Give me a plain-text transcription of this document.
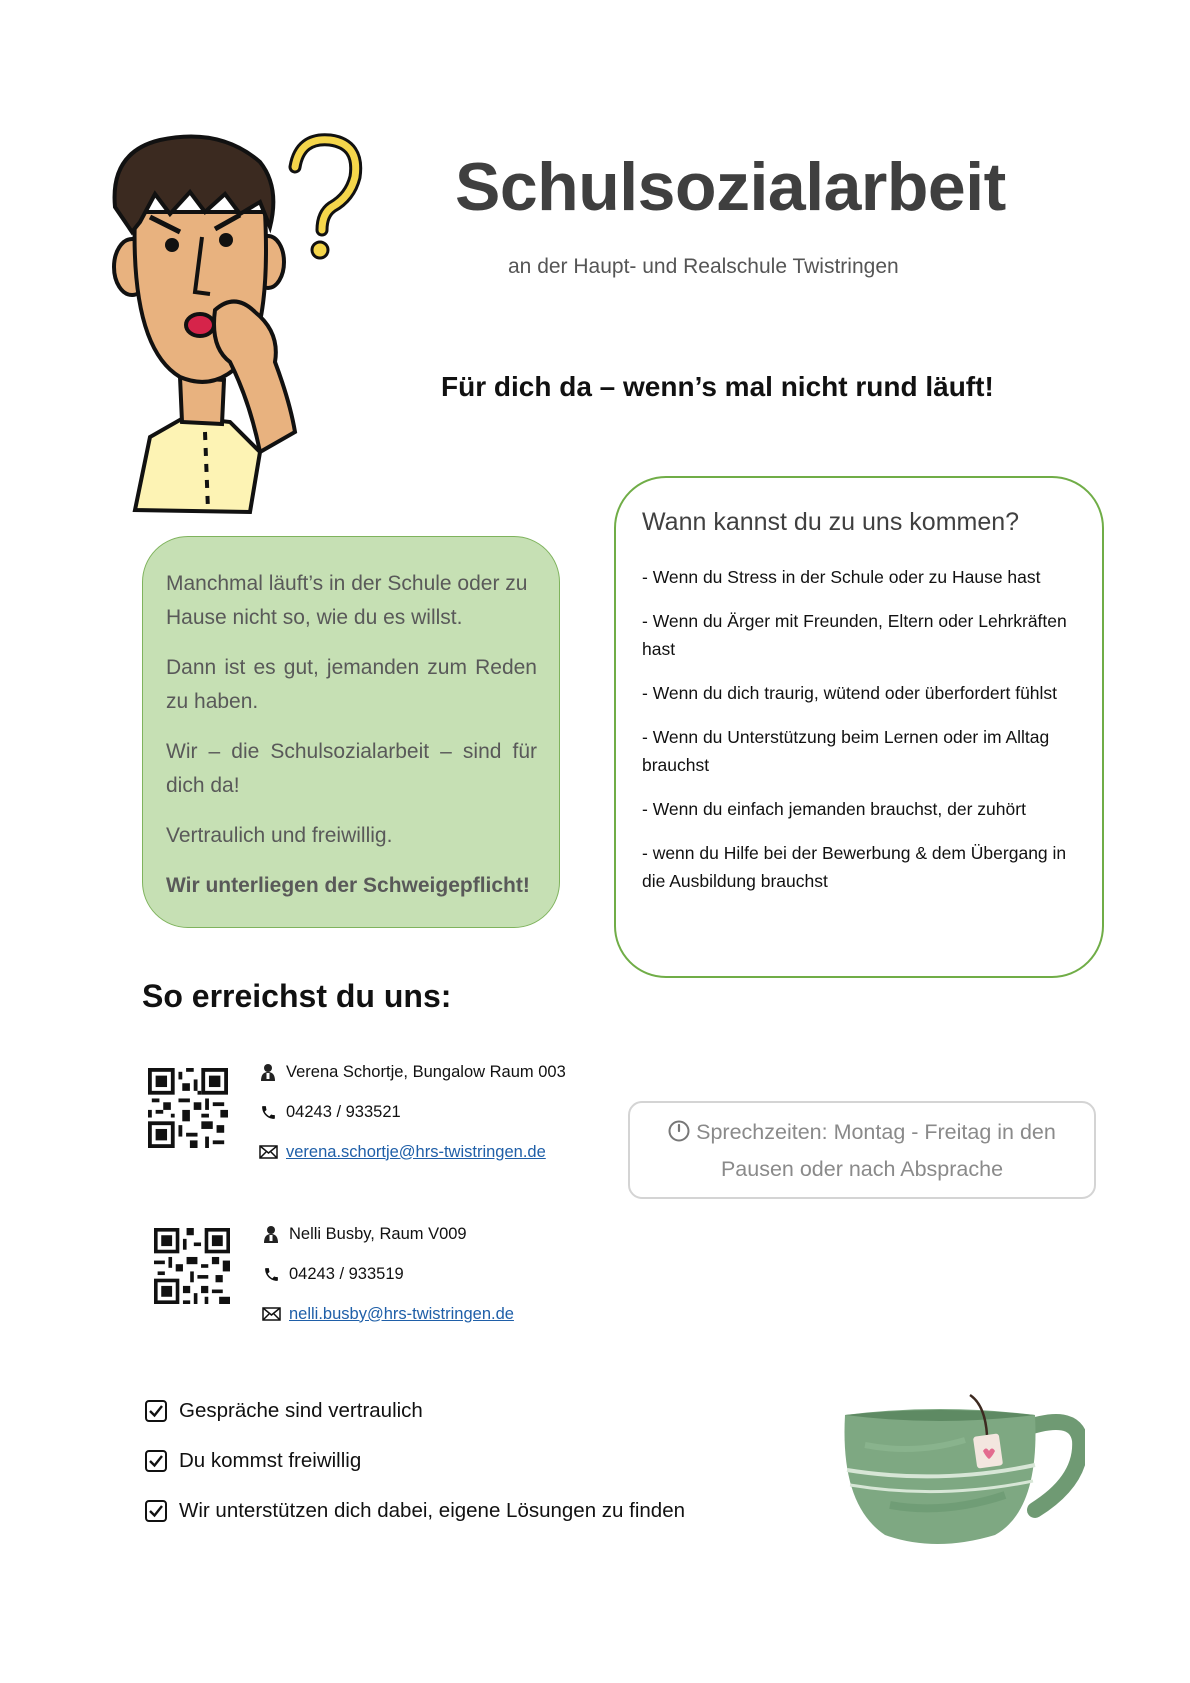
Schulsozialarbeit
an der Haupt- und Realschule Twistringen
Für dich da – wenn’s mal nicht rund läuft!

Manchmal läuft’s in der Schule oder zu Hause nicht so, wie du es willst.

Dann ist es gut, jemanden zum Reden zu haben.

Wir – die Schulsozialarbeit – sind für dich da!

Vertraulich und freiwillig.

Wir unterliegen der Schweigepflicht!

Wann kannst du zu uns kommen?
- Wenn du Stress in der Schule oder zu Hause hast
- Wenn du Ärger mit Freunden, Eltern oder Lehrkräften hast
- Wenn du dich traurig, wütend oder überfordert fühlst
- Wenn du Unterstützung beim Lernen oder im Alltag brauchst
- Wenn du einfach jemanden brauchst, der zuhört
- wenn du Hilfe bei der Bewerbung & dem Übergang in die Ausbildung brauchst
So erreichst du uns:
Verena Schortje, Bungalow Raum 003
04243 / 933521
verena.schortje@hrs-twistringen.de
Nelli Busby, Raum V009
04243 / 933519
nelli.busby@hrs-twistringen.de
Sprechzeiten: Montag - Freitag in den
Pausen oder nach Absprache
Gespräche sind vertraulich
Du kommst freiwillig
Wir unterstützen dich dabei, eigene Lösungen zu finden
